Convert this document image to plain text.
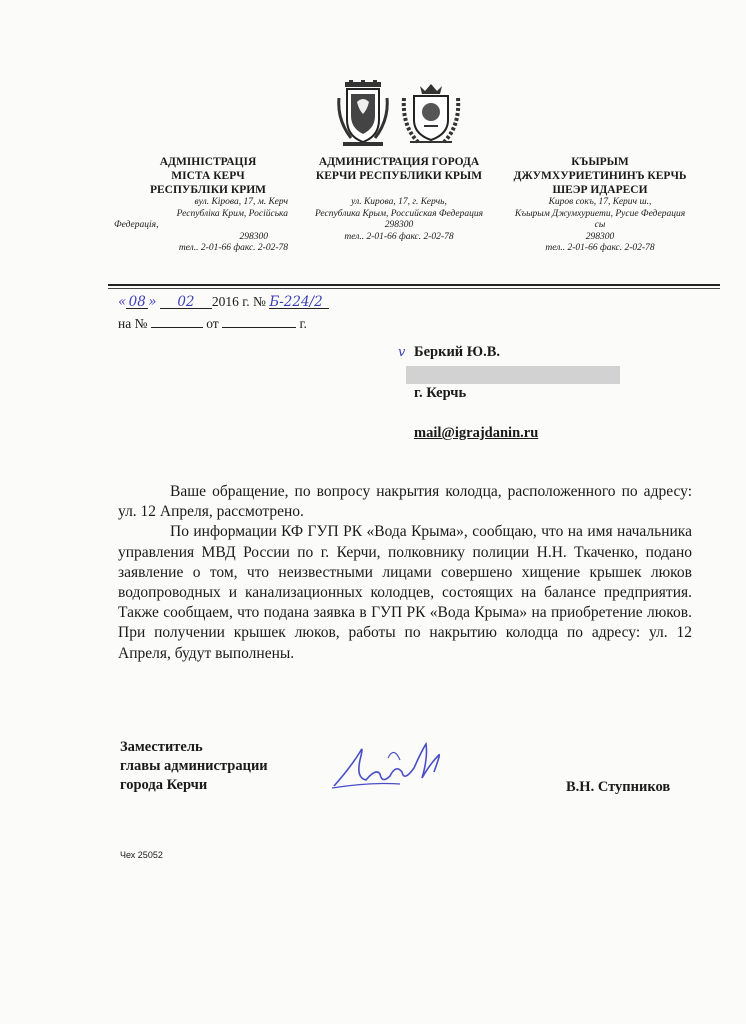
АДМІНІСТРАЦІЯ
МІСТА КЕРЧ
РЕСПУБЛІКИ КРИМ
вул. Кірова, 17, м. Керч
Республіка Крим, Російська
Федерація,
298300
тел.. 2-01-66 факс. 2-02-78
АДМИНИСТРАЦИЯ ГОРОДА
КЕРЧИ РЕСПУБЛИКИ КРЫМ
ул. Кирова, 17, г. Керчь,
Республика Крым, Российская Федерация
298300
тел.. 2-01-66 факс. 2-02-78
КЪЫРЫМ
ДЖУМХУРИЕТИНИНЪ КЕРЧЬ
ШЕЭР ИДАРЕСИ
Киров сокъ, 17, Керич ш.,
Къырым Джумхуриети, Русие Федерация
сы
298300
тел.. 2-01-66 факс. 2-02-78
« 08 » 02 2016 г. № Б-224/2
на №	от	г.
v Беркий Ю.В.
г. Керчь
mail@igrajdanin.ru

Ваше обращение, по вопросу накрытия колодца, расположенного по адресу: ул. 12 Апреля, рассмотрено.

По информации КФ ГУП РК «Вода Крыма», сообщаю, что на имя начальника управления МВД России по г. Керчи, полковнику полиции Н.Н. Ткаченко, подано заявление о том, что неизвестными лицами совершено хищение крышек люков водопроводных и канализационных колодцев, состоящих на балансе предприятия. Также сообщаем, что подана заявка в ГУП РК «Вода Крыма» на приобретение люков. При получении крышек люков, работы по накрытию колодца по адресу: ул. 12 Апреля, будут выполнены.

Заместитель
главы администрации
города Керчи	В.Н. Ступников
Чех 25052
